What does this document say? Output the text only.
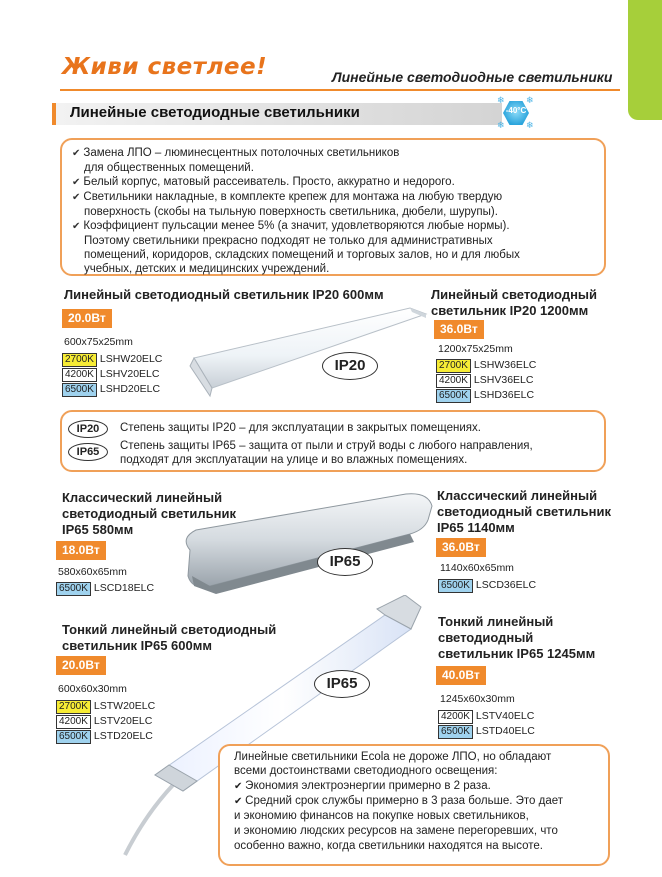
Живи светлее!	Линейные светодиодные светильники
Линейные светодиодные светильники
❄ ❄
❄ ❄
-40°C
✔ Замена ЛПО – люминесцентных потолочных светильников
для общественных помещений.
✔ Белый корпус, матовый рассеиватель. Просто, аккуратно и недорого.
✔ Светильники накладные, в комплекте крепеж для монтажа на любую твердую
поверхность (скобы на тыльную поверхность светильника, дюбели, шурупы).
✔ Коэффициент пульсации менее 5% (а значит, удовлетворяются любые нормы).
Поэтому светильники прекрасно подходят не только для административных
помещений, коридоров, складских помещений и торговых залов, но и для любых
учебных, детских и медицинских учреждений.
Линейный светодиодный светильник IP20 600мм
20.0Вт
600x75x25mm
2700K LSHW20ELC
4200K LSHV20ELC
6500K LSHD20ELC
IP20
Линейный светодиодный
светильник IP20 1200мм
36.0Вт
1200x75x25mm
2700K LSHW36ELC
4200K LSHV36ELC
6500K LSHD36ELC
IP20
IP65
Степень защиты IP20 – для эксплуатации в закрытых помещениях.
Степень защиты IP65 – защита от пыли и струй воды с любого направления,
подходят для эксплуатации на улице и во влажных помещениях.
Классический линейный
светодиодный светильник
IP65 580мм
18.0Вт
580x60x65mm
6500K LSCD18ELC
IP65
Классический линейный
светодиодный светильник
IP65 1140мм
36.0Вт
1140x60x65mm
6500K LSCD36ELC
Тонкий линейный светодиодный
светильник IP65 600мм
20.0Вт
600x60x30mm
2700K LSTW20ELC
4200K LSTV20ELC
6500K LSTD20ELC
IP65
Тонкий линейный
светодиодный
светильник IP65 1245мм
40.0Вт
1245x60x30mm
4200K LSTV40ELC
6500K LSTD40ELC

Линейные светильники Ecola не дороже ЛПО, но обладают

всеми достоинствами светодиодного освещения:

✔ Экономия электроэнергии примерно в 2 раза.

✔ Средний срок службы примерно в 3 раза больше. Это дает

и экономию финансов на покупке новых светильников,

и экономию людских ресурсов на замене перегоревших, что

особенно важно, когда светильники находятся на высоте.
